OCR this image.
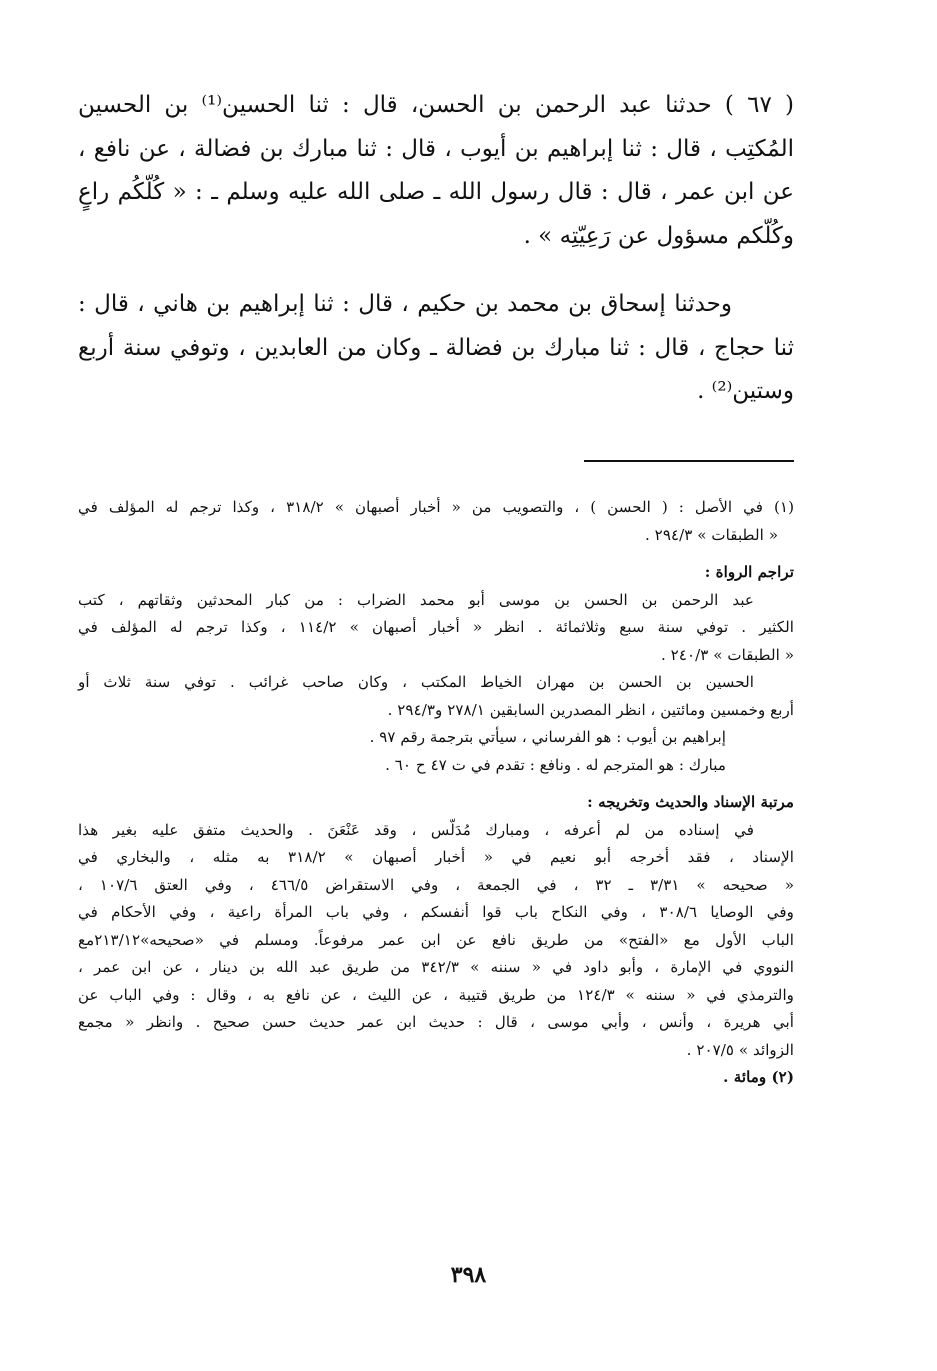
( ٦٧ ) حدثنا عبد الرحمن بن الحسن، قال : ثنا الحسين⁽¹⁾ بن الحسين
المُكتِب ، قال : ثنا إبراهيم بن أيوب ، قال : ثنا مبارك بن فضالة ، عن نافع ،
عن ابن عمر ، قال : قال رسول الله ـ صلى الله عليه وسلم ـ : « كُلّكُم راعٍ
وكُلّكم مسؤول عن رَعِيّتِه » .

وحدثنا إسحاق بن محمد بن حكيم ، قال : ثنا إبراهيم بن هاني ، قال :
ثنا حجاج ، قال : ثنا مبارك بن فضالة ـ وكان من العابدين ، وتوفي سنة أربع
وستين⁽²⁾ .

(١) في الأصل : ( الحسن ) ، والتصويب من « أخبار أصبهان » ٣١٨/٢ ، وكذا ترجم له المؤلف في
« الطبقات » ٢٩٤/٣ .
تراجم الرواة :
عبد الرحمن بن الحسن بن موسى أبو محمد الضراب : من كبار المحدثين وثقاتهم ، كتب
الكثير . توفي سنة سبع وثلاثمائة . انظر « أخبار أصبهان » ١١٤/٢ ، وكذا ترجم له المؤلف في
« الطبقات » ٢٤٠/٣ .
الحسين بن الحسن بن مهران الخياط المكتب ، وكان صاحب غرائب . توفي سنة ثلاث أو
أربع وخمسين ومائتين ، انظر المصدرين السابقين ٢٧٨/١ و٢٩٤/٣ .
إبراهيم بن أيوب : هو الفرساني ، سيأتي بترجمة رقم ٩٧ .
مبارك : هو المترجم له . ونافع : تقدم في ت ٤٧ ح ٦٠ .
مرتبة الإسناد والحديث وتخريجه :
في إسناده من لم أعرفه ، ومبارك مُدَلّس ، وقد عَنْعَنَ . والحديث متفق عليه بغير هذا
الإسناد ، فقد أخرجه أبو نعيم في « أخبار أصبهان » ٣١٨/٢ به مثله ، والبخاري في
« صحيحه » ٣/٣١ ـ ٣٢ ، في الجمعة ، وفي الاستقراض ٤٦٦/٥ ، وفي العتق ١٠٧/٦ ،
وفي الوصايا ٣٠٨/٦ ، وفي النكاح باب قوا أنفسكم ، وفي باب المرأة راعية ، وفي الأحكام في
الباب الأول مع «الفتح» من طريق نافع عن ابن عمر مرفوعاً. ومسلم في «صحيحه»٢١٣/١٢مع
النووي في الإمارة ، وأبو داود في « سننه » ٣٤٢/٣ من طريق عبد الله بن دينار ، عن ابن عمر ،
والترمذي في « سننه » ١٢٤/٣ من طريق قتيبة ، عن الليث ، عن نافع به ، وقال : وفي الباب عن
أبي هريرة ، وأنس ، وأبي موسى ، قال : حديث ابن عمر حديث حسن صحيح . وانظر « مجمع
الزوائد » ٢٠٧/٥ .
(٢) ومائة .
٣٩٨
